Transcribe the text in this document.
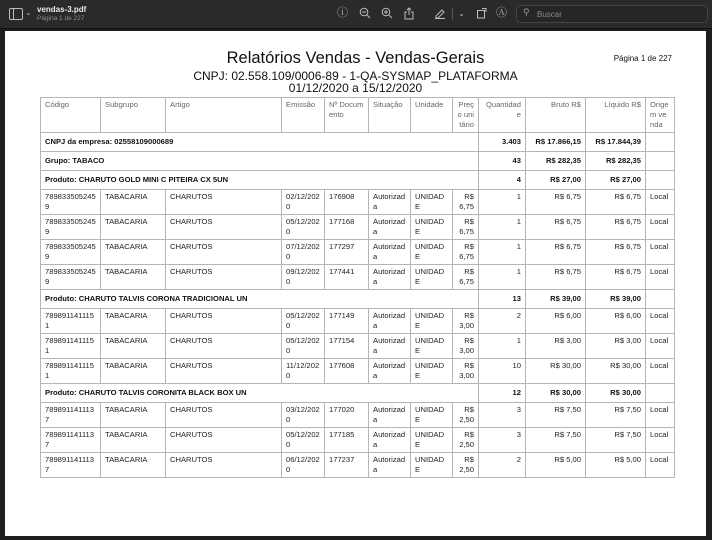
⌄ vendas-3.pdf
Página 1 de 227	ⓘ	⌄	Ⓐ ⚲
Buscar
Relatórios Vendas - Vendas-Gerais
CNPJ: 02.558.109/0006-89 - 1-QA-SYSMAP_PLATAFORMA
01/12/2020 a 15/12/2020
Página 1 de 227
Código	Subgrupo	Artigo	Emissão	Nº Documento	Situação	Unidade	Preço unitário	Quantidade	Bruto R$	Líquido R$	Origem venda
CNPJ da empresa: 02558109000689								3.403	R$ 17.866,15	R$ 17.844,39	
Grupo: TABACO								43	R$ 282,35	R$ 282,35	
Produto: CHARUTO GOLD MINI C PITEIRA CX 5UN								4	R$ 27,00	R$ 27,00	
7898335052459	TABACARIA	CHARUTOS	02/12/2020	176908	Autorizada	UNIDADE	R$ 6,75	1	R$ 6,75	R$ 6,75	Local
7898335052459	TABACARIA	CHARUTOS	05/12/2020	177168	Autorizada	UNIDADE	R$ 6,75	1	R$ 6,75	R$ 6,75	Local
7898335052459	TABACARIA	CHARUTOS	07/12/2020	177297	Autorizada	UNIDADE	R$ 6,75	1	R$ 6,75	R$ 6,75	Local
7898335052459	TABACARIA	CHARUTOS	09/12/2020	177441	Autorizada	UNIDADE	R$ 6,75	1	R$ 6,75	R$ 6,75	Local
Produto: CHARUTO TALVIS CORONA TRADICIONAL UN								13	R$ 39,00	R$ 39,00	
7898911411151	TABACARIA	CHARUTOS	05/12/2020	177149	Autorizada	UNIDADE	R$ 3,00	2	R$ 6,00	R$ 6,00	Local
7898911411151	TABACARIA	CHARUTOS	05/12/2020	177154	Autorizada	UNIDADE	R$ 3,00	1	R$ 3,00	R$ 3,00	Local
7898911411151	TABACARIA	CHARUTOS	11/12/2020	177608	Autorizada	UNIDADE	R$ 3,00	10	R$ 30,00	R$ 30,00	Local
Produto: CHARUTO TALVIS CORONITA BLACK BOX UN								12	R$ 30,00	R$ 30,00	
7898911411137	TABACARIA	CHARUTOS	03/12/2020	177020	Autorizada	UNIDADE	R$ 2,50	3	R$ 7,50	R$ 7,50	Local
7898911411137	TABACARIA	CHARUTOS	05/12/2020	177185	Autorizada	UNIDADE	R$ 2,50	3	R$ 7,50	R$ 7,50	Local
7898911411137	TABACARIA	CHARUTOS	06/12/2020	177237	Autorizada	UNIDADE	R$ 2,50	2	R$ 5,00	R$ 5,00	Local
